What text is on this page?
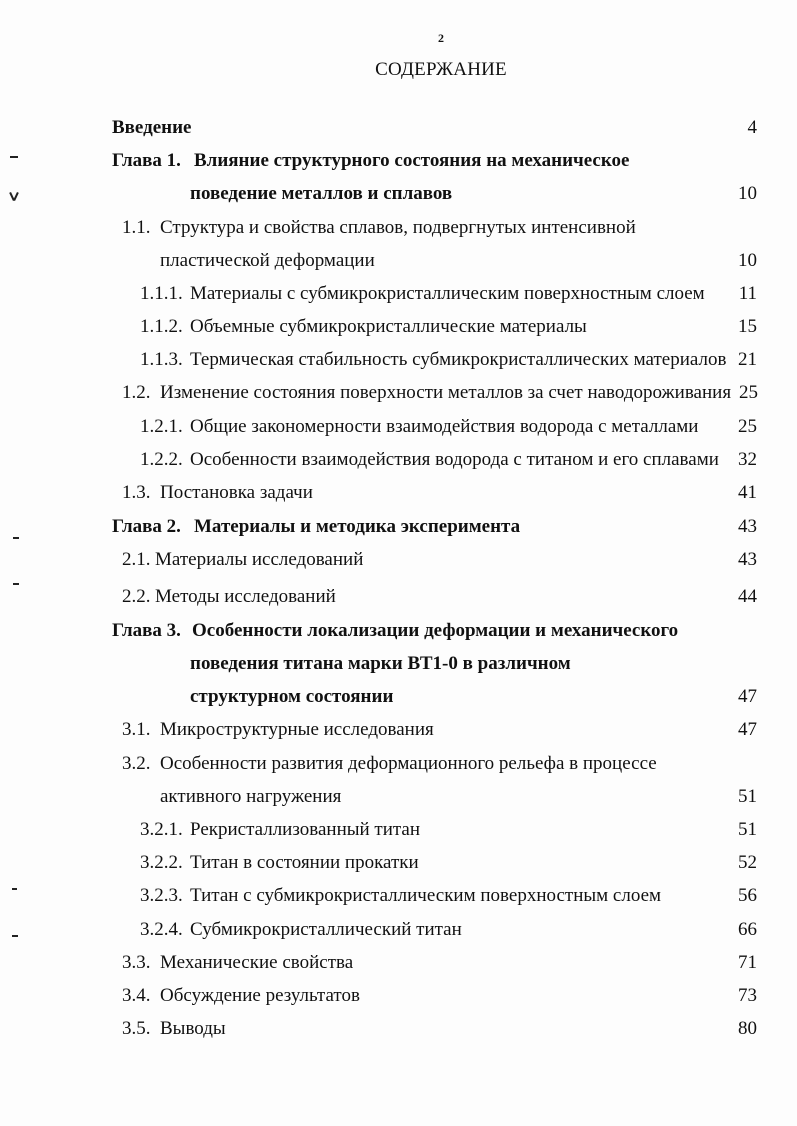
2
СОДЕРЖАНИЕ
Введение	4
Глава 1. Влияние структурного состояния на механическое
поведение металлов и сплавов	10
1.1. Структура и свойства сплавов, подвергнутых интенсивной
пластической деформации	10
1.1.1. Материалы с субмикрокристаллическим поверхностным слоем 11
1.1.2. Объемные субмикрокристаллические материалы	15
1.1.3. Термическая стабильность субмикрокристаллических материалов 21
1.2. Изменение состояния поверхности металлов за счет наводороживания 25
1.2.1. Общие закономерности взаимодействия водорода с металлами 25
1.2.2. Особенности взаимодействия водорода с титаном и его сплавами 32
1.3. Постановка задачи	41
Глава 2. Материалы и методика эксперимента	43
2.1. Материалы исследований	43
2.2. Методы исследований	44
Глава 3. Особенности локализации деформации и механического
поведения титана марки ВТ1-0 в различном
структурном состоянии	47
3.1. Микроструктурные исследования	47
3.2. Особенности развития деформационного рельефа в процессе
активного нагружения	51
3.2.1. Рекристаллизованный титан	51
3.2.2. Титан в состоянии прокатки	52
3.2.3. Титан с субмикрокристаллическим поверхностным слоем	56
3.2.4. Субмикрокристаллический титан	66
3.3. Механические свойства	71
3.4. Обсуждение результатов	73
3.5. Выводы	80
